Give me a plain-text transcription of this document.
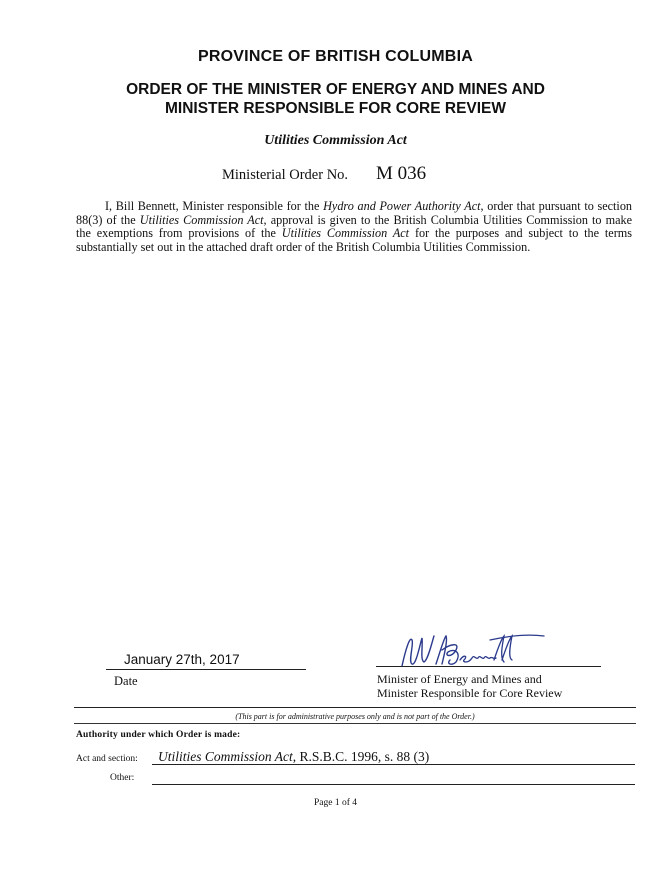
PROVINCE OF BRITISH COLUMBIA
ORDER OF THE MINISTER OF ENERGY AND MINES AND
MINISTER RESPONSIBLE FOR CORE REVIEW
Utilities Commission Act
Ministerial Order No. M 036
I, Bill Bennett, Minister responsible for the Hydro and Power Authority Act, order that pursuant to section 88(3) of the Utilities Commission Act, approval is given to the British Columbia Utilities Commission to make the exemptions from provisions of the Utilities Commission Act for the purposes and subject to the terms substantially set out in the attached draft order of the British Columbia Utilities Commission.
January 27th, 2017
Date	Minister of Energy and Mines and
Minister Responsible for Core Review
(This part is for administrative purposes only and is not part of the Order.)
Authority under which Order is made:
Act and section: Utilities Commission Act, R.S.B.C. 1996, s. 88 (3)
Other:
Page 1 of 4
